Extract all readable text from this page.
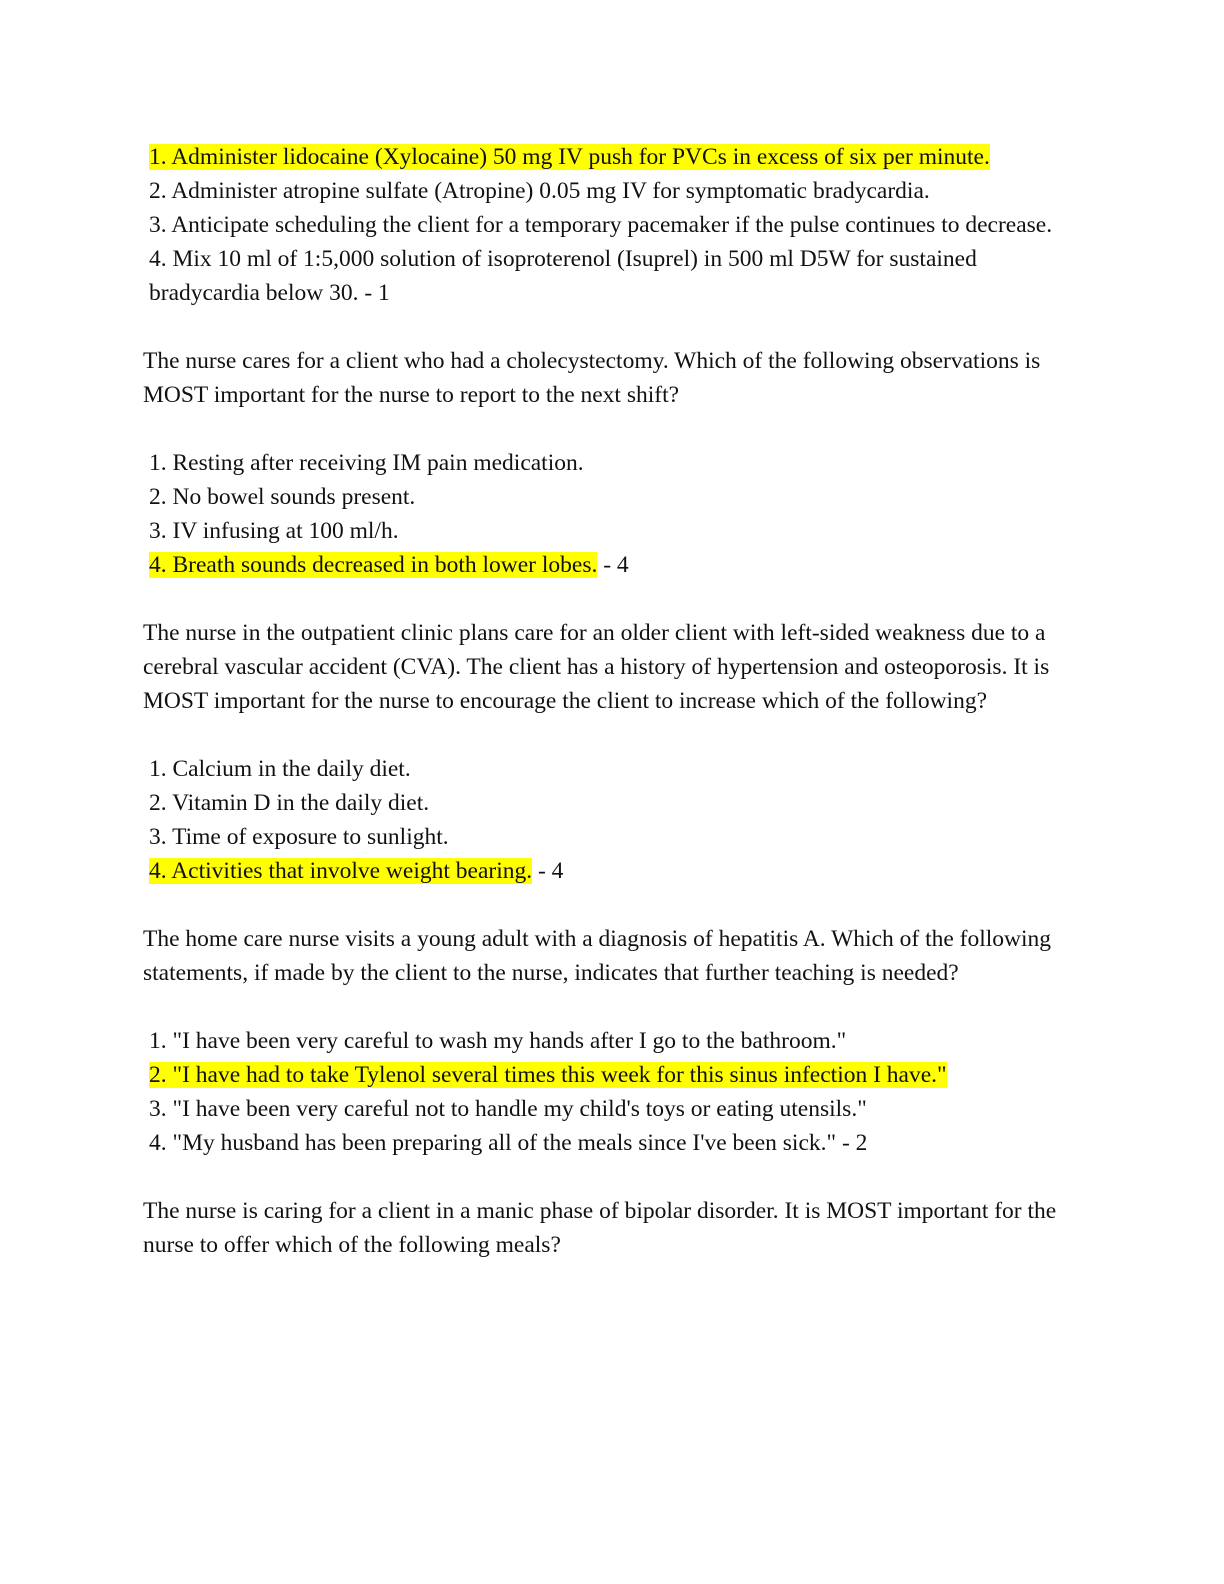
1. Administer lidocaine (Xylocaine) 50 mg IV push for PVCs in excess of six per minute.
2. Administer atropine sulfate (Atropine) 0.05 mg IV for symptomatic bradycardia.
3. Anticipate scheduling the client for a temporary pacemaker if the pulse continues to decrease.
4. Mix 10 ml of 1:5,000 solution of isoproterenol (Isuprel) in 500 ml D5W for sustained bradycardia below 30. - 1
The nurse cares for a client who had a cholecystectomy. Which of the following observations is MOST important for the nurse to report to the next shift?
1. Resting after receiving IM pain medication.
2. No bowel sounds present.
3. IV infusing at 100 ml/h.
4. Breath sounds decreased in both lower lobes. - 4
The nurse in the outpatient clinic plans care for an older client with left-sided weakness due to a cerebral vascular accident (CVA). The client has a history of hypertension and osteoporosis. It is MOST important for the nurse to encourage the client to increase which of the following?
1. Calcium in the daily diet.
2. Vitamin D in the daily diet.
3. Time of exposure to sunlight.
4. Activities that involve weight bearing. - 4
The home care nurse visits a young adult with a diagnosis of hepatitis A. Which of the following statements, if made by the client to the nurse, indicates that further teaching is needed?
1. "I have been very careful to wash my hands after I go to the bathroom."
2. "I have had to take Tylenol several times this week for this sinus infection I have."
3. "I have been very careful not to handle my child's toys or eating utensils."
4. "My husband has been preparing all of the meals since I've been sick." - 2
The nurse is caring for a client in a manic phase of bipolar disorder. It is MOST important for the nurse to offer which of the following meals?
